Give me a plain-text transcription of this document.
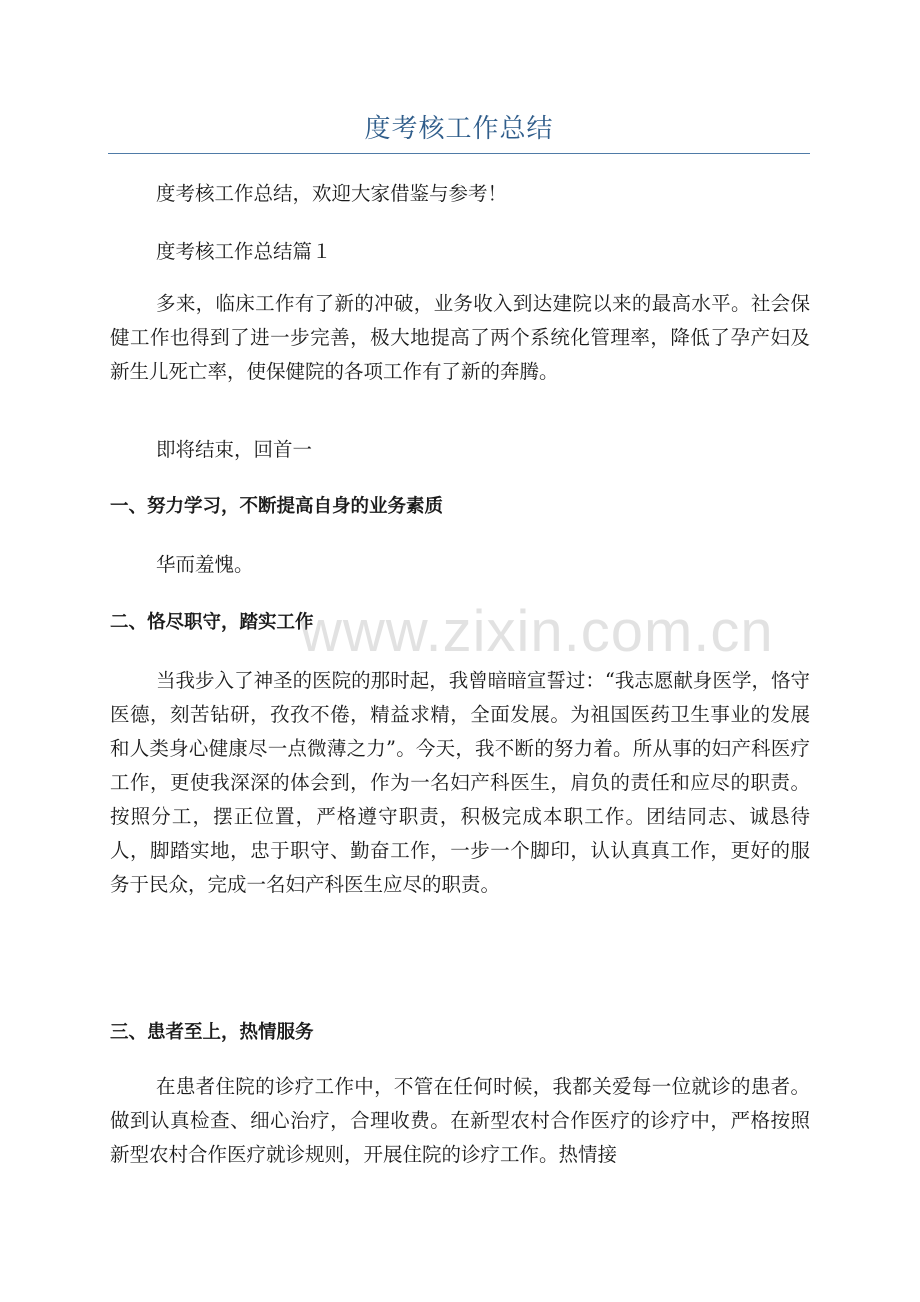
度考核工作总结

度考核工作总结，欢迎大家借鉴与参考！

度考核工作总结篇１

多来，临床工作有了新的冲破，业务收入到达建院以来的最高水平。社会保健工作也得到了进一步完善，极大地提高了两个系统化管理率，降低了孕产妇及新生儿死亡率，使保健院的各项工作有了新的奔腾。

即将结束，回首一

一、努力学习，不断提高自身的业务素质

华而羞愧。

二、恪尽职守，踏实工作

当我步入了神圣的医院的那时起，我曾暗暗宣誓过：“我志愿献身医学，恪守医德，刻苦钻研，孜孜不倦，精益求精，全面发展。为祖国医药卫生事业的发展和人类身心健康尽一点微薄之力”。今天，我不断的努力着。所从事的妇产科医疗工作，更使我深深的体会到，作为一名妇产科医生，肩负的责任和应尽的职责。按照分工，摆正位置，严格遵守职责，积极完成本职工作。团结同志、诚恳待人，脚踏实地，忠于职守、勤奋工作，一步一个脚印，认认真真工作，更好的服务于民众，完成一名妇产科医生应尽的职责。

三、患者至上，热情服务

在患者住院的诊疗工作中，不管在任何时候，我都关爱每一位就诊的患者。做到认真检查、细心治疗，合理收费。在新型农村合作医疗的诊疗中，严格按照新型农村合作医疗就诊规则，开展住院的诊疗工作。热情接

www.zixin.com.cn
